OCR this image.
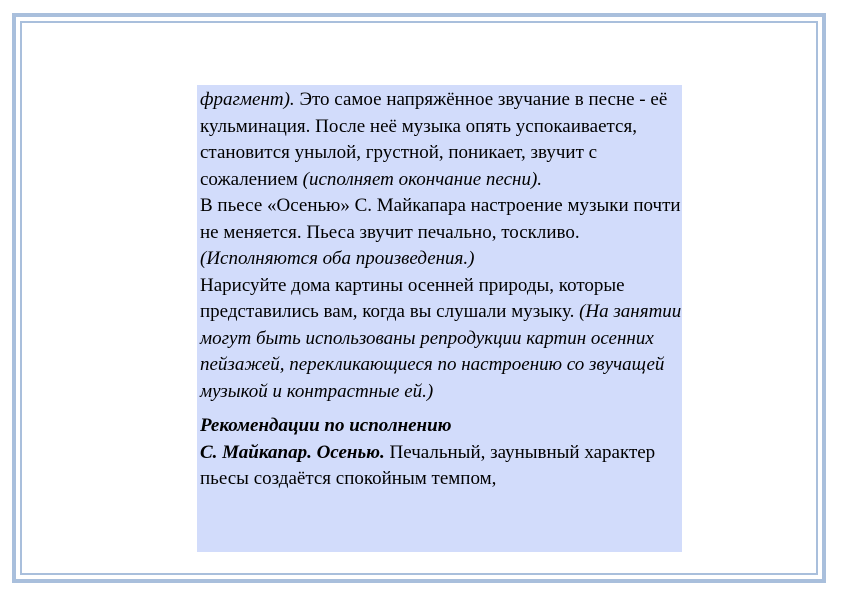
фрагмент). Это самое напряжённое звучание в песне - её кульминация. После неё музыка опять успокаивается, становится унылой, грустной, поникает, звучит с сожалением (исполняет окончание песни).

В пьесе «Осенью» С. Майкапара настроение музыки почти не меняется. Пьеса звучит печально, тоскливо. (Исполняются оба произведения.)

Нарисуйте дома картины осенней природы, которые представились вам, когда вы слушали музыку. (На занятии могут быть использованы репродукции картин осенних пейзажей, перекликающиеся по настроению со звучащей музыкой и контрастные ей.)

Рекомендации по исполнению

С. Майкапар. Осенью. Печальный, заунывный характер пьесы создаётся спокойным темпом,
